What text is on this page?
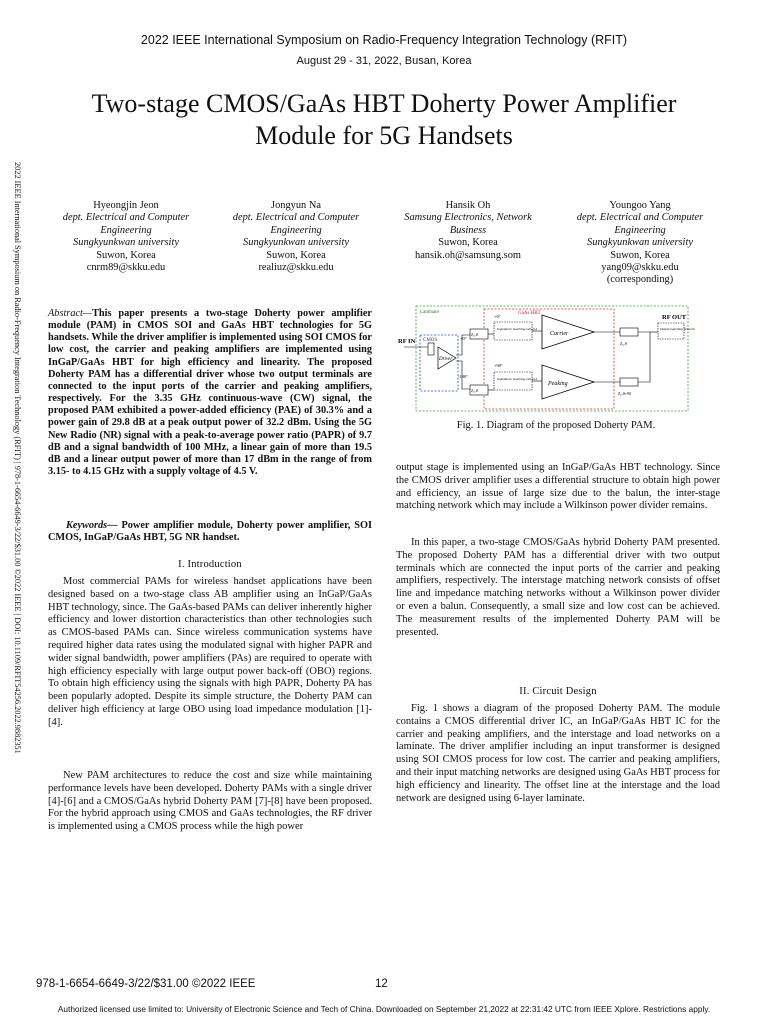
2022 IEEE International Symposium on Radio-Frequency Integration Technology (RFIT)
August 29 - 31, 2022, Busan, Korea
Two-stage CMOS/GaAs HBT Doherty Power Amplifier Module for 5G Handsets
2022 IEEE International Symposium on Radio-Frequency Integration Technology (RFIT) | 978-1-6654-6649-3/22/$31.00 ©2022 IEEE | DOI: 10.1109/RFIT54256.2022.9882351	Hyeongjin Jeon
dept. Electrical and Computer Engineering
Sungkyunkwan university
Suwon, Korea
cnrm89@skku.edu
Jongyun Na
dept. Electrical and Computer Engineering
Sungkyunkwan university
Suwon, Korea
realiuz@skku.edu
Hansik Oh
Samsung Electronics, Network Business
Suwon, Korea
hansik.oh@samsung.som
Youngoo Yang
dept. Electrical and Computer Engineering
Sungkyunkwan university
Suwon, Korea
yang09@skku.edu
(corresponding)
Abstract—This paper presents a two-stage Doherty power amplifier module (PAM) in CMOS SOI and GaAs HBT technologies for 5G handsets. While the driver amplifier is implemented using SOI CMOS for low cost, the carrier and peaking amplifiers are implemented using InGaP/GaAs HBT for high efficiency and linearity. The proposed Doherty PAM has a differential driver whose two output terminals are connected to the input ports of the carrier and peaking amplifiers, respectively. For the 3.35 GHz continuous-wave (CW) signal, the proposed PAM exhibited a power-added efficiency (PAE) of 30.3% and a power gain of 29.8 dB at a peak output power of 32.2 dBm. Using the 5G New Radio (NR) signal with a peak-to-average power ratio (PAPR) of 9.7 dB and a signal bandwidth of 100 MHz, a linear gain of more than 19.5 dB and a linear output power of more than 17 dBm in the range of from 3.15- to 4.15 GHz with a supply voltage of 4.5 V.
Keywords— Power amplifier module, Doherty power amplifier, SOI CMOS, InGaP/GaAs HBT, 5G NR handset.
I. Introduction
Most commercial PAMs for wireless handset applications have been designed based on a two-stage class AB amplifier using an InGaP/GaAs HBT technology, since. The GaAs-based PAMs can deliver inherently higher efficiency and lower distortion characteristics than other technologies such as CMOS-based PAMs can. Since wireless communication systems have required higher data rates using the modulated signal with higher PAPR and wider signal bandwidth, power amplifiers (PAs) are required to operate with high efficiency especially with large output power back-off (OBO) regions. To obtain high efficiency using the signals with high PAPR, Doherty PA has been popularly adopted. Despite its simple structure, the Doherty PAM can deliver high efficiency at large OBO using load impedance modulation [1]-[4].
New PAM architectures to reduce the cost and size while maintaining performance levels have been developed. Doherty PAMs with a single driver [4]-[6] and a CMOS/GaAs hybrid Doherty PAM [7]-[8] have been proposed. For the hybrid approach using CMOS and GaAs technologies, the RF driver is implemented using a CMOS process while the high power
Laminate	GaAs HBT
CMOS
RF IN
Driver
+0°
-180°
Z₀,θ
Z₀,θ
+0°
+90°
Impedance matching network
Impedance matching network
Carrier
Peaking
Z₀,θ
Z₀,θ+90
Output matching network
RF OUT
Fig. 1. Diagram of the proposed Doherty PAM.
output stage is implemented using an InGaP/GaAs HBT technology. Since the CMOS driver amplifier uses a differential structure to obtain high power and efficiency, an issue of large size due to the balun, the inter-stage matching network which may include a Wilkinson power divider remains.
In this paper, a two-stage CMOS/GaAs hybrid Doherty PAM presented. The proposed Doherty PAM has a differential driver with two output terminals which are connected the input ports of the carrier and peaking amplifiers, respectively. The interstage matching network consists of offset line and impedance matching networks without a Wilkinson power divider or even a balun. Consequently, a small size and low cost can be achieved. The measurement results of the implemented Doherty PAM will be presented.
II. Circuit Design
Fig. 1 shows a diagram of the proposed Doherty PAM. The module contains a CMOS differential driver IC, an InGaP/GaAs HBT IC for the carrier and peaking amplifiers, and the interstage and load networks on a laminate. The driver amplifier including an input transformer is designed using SOI CMOS process for low cost. The carrier and peaking amplifiers, and their input matching networks are designed using GaAs HBT process for high efficiency and linearity. The offset line at the interstage and the load network are designed using 6-layer laminate.
978-1-6654-6649-3/22/$31.00 ©2022 IEEE	12
Authorized licensed use limited to: University of Electronic Science and Tech of China. Downloaded on September 21,2022 at 22:31:42 UTC from IEEE Xplore. Restrictions apply.
